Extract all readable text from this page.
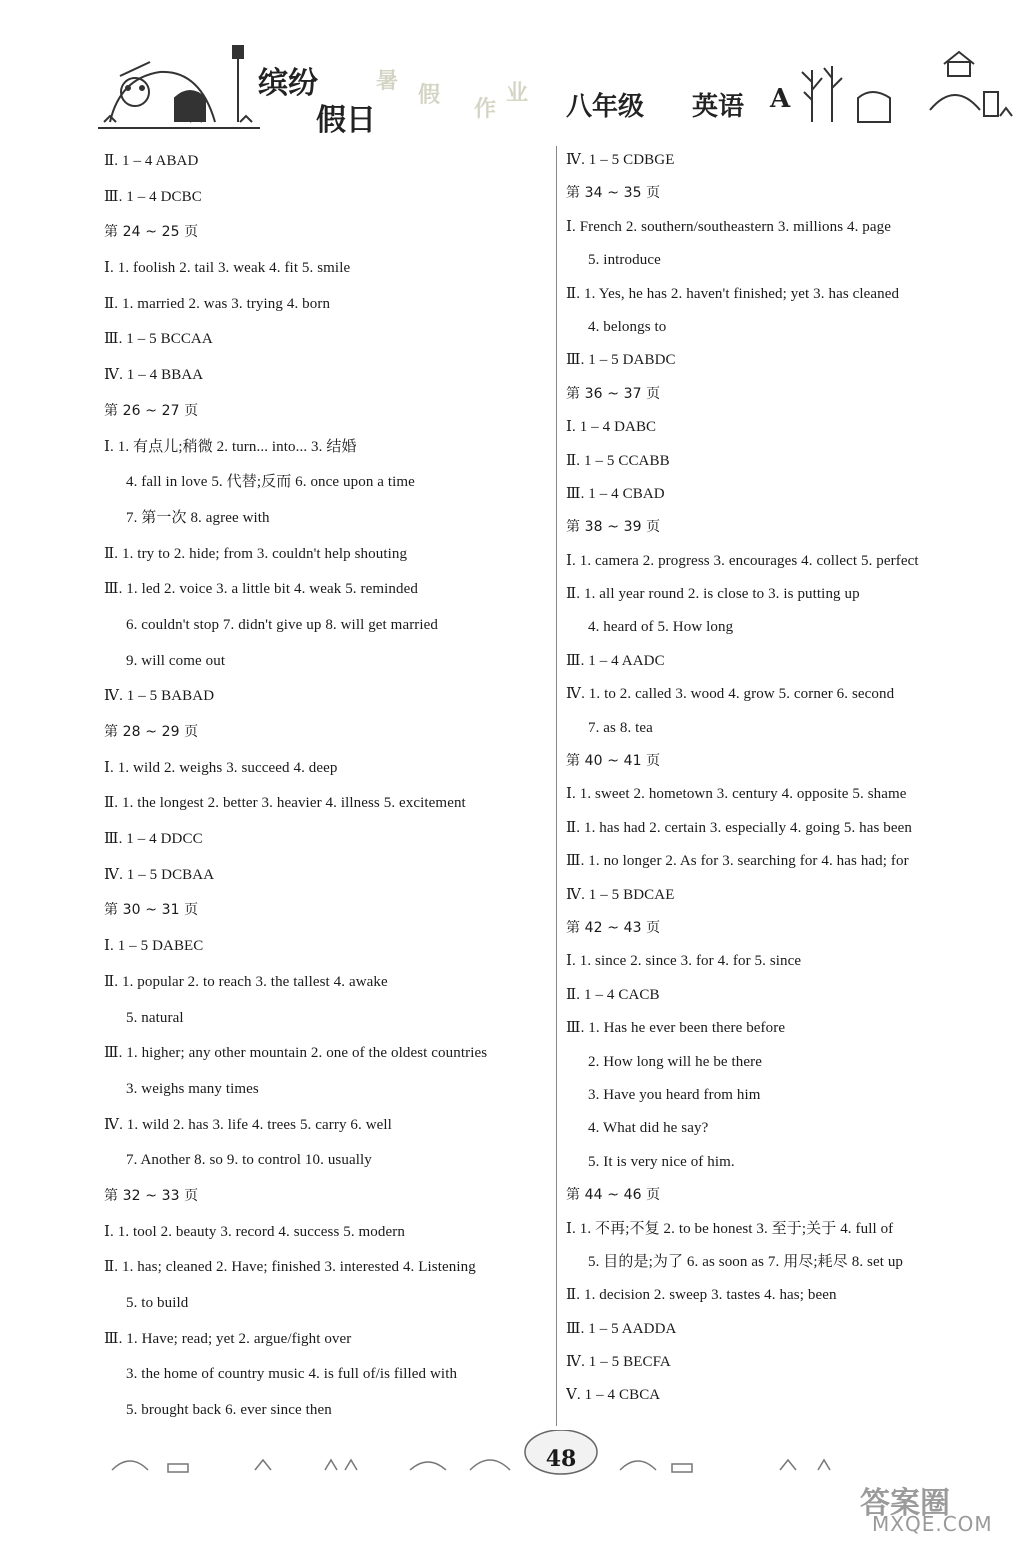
缤纷
假日
暑
假
作
业 八年级 英语 A
Ⅱ. 1 – 4 ABAD
Ⅲ. 1 – 4 DCBC
第 24 ~ 25 页
Ⅰ. 1. foolish 2. tail 3. weak 4. fit 5. smile
Ⅱ. 1. married 2. was 3. trying 4. born
Ⅲ. 1 – 5 BCCAA
Ⅳ. 1 – 4 BBAA
第 26 ~ 27 页
Ⅰ. 1. 有点儿;稍微 2. turn... into... 3. 结婚
4. fall in love 5. 代替;反而 6. once upon a time
7. 第一次 8. agree with
Ⅱ. 1. try to 2. hide; from 3. couldn't help shouting
Ⅲ. 1. led 2. voice 3. a little bit 4. weak 5. reminded
6. couldn't stop 7. didn't give up 8. will get married
9. will come out
Ⅳ. 1 – 5 BABAD
第 28 ~ 29 页
Ⅰ. 1. wild 2. weighs 3. succeed 4. deep
Ⅱ. 1. the longest 2. better 3. heavier 4. illness 5. excitement
Ⅲ. 1 – 4 DDCC
Ⅳ. 1 – 5 DCBAA
第 30 ~ 31 页
Ⅰ. 1 – 5 DABEC
Ⅱ. 1. popular 2. to reach 3. the tallest 4. awake
5. natural
Ⅲ. 1. higher; any other mountain 2. one of the oldest countries
3. weighs many times
Ⅳ. 1. wild 2. has 3. life 4. trees 5. carry 6. well
7. Another 8. so 9. to control 10. usually
第 32 ~ 33 页
Ⅰ. 1. tool 2. beauty 3. record 4. success 5. modern
Ⅱ. 1. has; cleaned 2. Have; finished 3. interested 4. Listening
5. to build
Ⅲ. 1. Have; read; yet 2. argue/fight over
3. the home of country music 4. is full of/is filled with
5. brought back 6. ever since then
Ⅳ. 1 – 5 CDBGE
第 34 ~ 35 页
Ⅰ. French 2. southern/southeastern 3. millions 4. page
5. introduce
Ⅱ. 1. Yes, he has 2. haven't finished; yet 3. has cleaned
4. belongs to
Ⅲ. 1 – 5 DABDC
第 36 ~ 37 页
Ⅰ. 1 – 4 DABC
Ⅱ. 1 – 5 CCABB
Ⅲ. 1 – 4 CBAD
第 38 ~ 39 页
Ⅰ. 1. camera 2. progress 3. encourages 4. collect 5. perfect
Ⅱ. 1. all year round 2. is close to 3. is putting up
4. heard of 5. How long
Ⅲ. 1 – 4 AADC
Ⅳ. 1. to 2. called 3. wood 4. grow 5. corner 6. second
7. as 8. tea
第 40 ~ 41 页
Ⅰ. 1. sweet 2. hometown 3. century 4. opposite 5. shame
Ⅱ. 1. has had 2. certain 3. especially 4. going 5. has been
Ⅲ. 1. no longer 2. As for 3. searching for 4. has had; for
Ⅳ. 1 – 5 BDCAE
第 42 ~ 43 页
Ⅰ. 1. since 2. since 3. for 4. for 5. since
Ⅱ. 1 – 4 CACB
Ⅲ. 1. Has he ever been there before
2. How long will he be there
3. Have you heard from him
4. What did he say?
5. It is very nice of him.
第 44 ~ 46 页
Ⅰ. 1. 不再;不复 2. to be honest 3. 至于;关于 4. full of
5. 目的是;为了 6. as soon as 7. 用尽;耗尽 8. set up
Ⅱ. 1. decision 2. sweep 3. tastes 4. has; been
Ⅲ. 1 – 5 AADDA
Ⅳ. 1 – 5 BECFA
Ⅴ. 1 – 4 CBCA
48
答案圈
MXQE.COM
